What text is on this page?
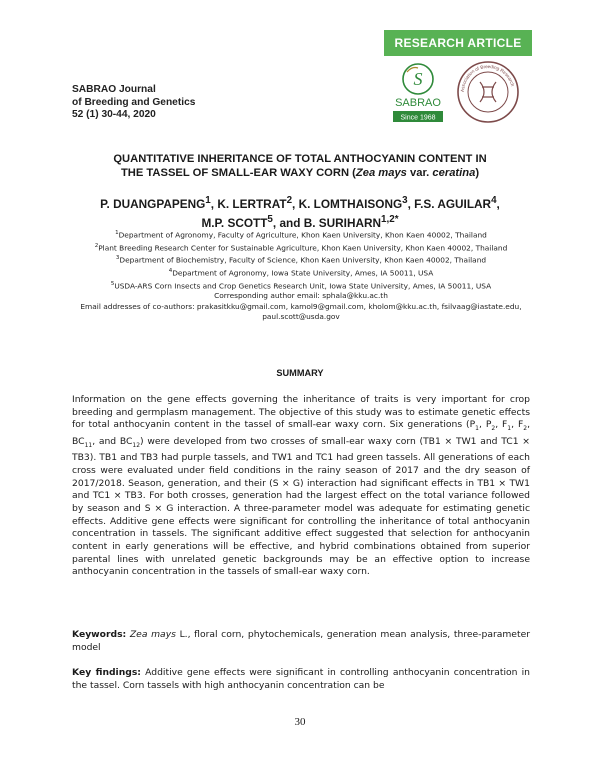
RESEARCH ARTICLE
SABRAO Journal
of Breeding and Genetics
52 (1) 30-44, 2020
S
SABRAO
Since 1968
Association of Breeding Research
QUANTITATIVE INHERITANCE OF TOTAL ANTHOCYANIN CONTENT IN
THE TASSEL OF SMALL-EAR WAXY CORN (Zea mays var. ceratina)
P. DUANGPAPENG$^1$, K. LERTRAT$^2$, K. LOMTHAISONG$^3$, F.S. AGUILAR$^4$,
M.P. SCOTT$^5$, and B. $SURIHARN^{1,2*}$
$^1$Department of Agronomy, Faculty of Agriculture, Khon Kaen University, Khon Kaen 40002, Thailand
$^2$Plant Breeding Research Center for Sustainable Agriculture, Khon Kaen University, Khon Kaen 40002, Thailand
$^3$Department of Biochemistry, Faculty of Science, Khon Kaen University, Khon Kaen 40002, Thailand
$^4$Department of Agronomy, Iowa State University, Ames, IA 50011, USA
$^5$USDA-ARS Corn Insects and Crop Genetics Research Unit, Iowa State University, Ames, IA 50011, USA
Corresponding author email: sphala@kku.ac.th
Email addresses of co-authors: prakasitkku@gmail.com, kamol9@gmail.com, kholom@kku.ac.th, fsilvaag@iastate.edu, paul.scott@usda.gov
SUMMARY
Information on the gene effects governing the inheritance of traits is very important for crop breeding and germplasm management. The objective of this study was to estimate genetic effects for total anthocyanin content in the tassel of small-ear waxy corn. Six generations ($P_1$, $P_2$, $F_1$, $F_2$, $BC_{11}$, and $BC_{12}$) were developed from two crosses of small-ear waxy corn (TB1 × TW1 and TC1 × TB3). TB1 and TB3 had purple tassels, and TW1 and TC1 had green tassels. All generations of each cross were evaluated under field conditions in the rainy season of 2017 and the dry season of 2017/2018. Season, generation, and their (S × G) interaction had significant effects in TB1 × TW1 and TC1 × TB3. For both crosses, generation had the largest effect on the total variance followed by season and S × G interaction. A three-parameter model was adequate for estimating genetic effects. Additive gene effects were significant for controlling the inheritance of total anthocyanin concentration in tassels. The significant additive effect suggested that selection for anthocyanin content in early generations will be effective, and hybrid combinations obtained from superior parental lines with unrelated genetic backgrounds may be an effective option to increase anthocyanin concentration in the tassels of small-ear waxy corn.
Keywords: Zea mays L., floral corn, phytochemicals, generation mean analysis, three-parameter model
Key findings: Additive gene effects were significant in controlling anthocyanin concentration in the tassel. Corn tassels with high anthocyanin concentration can be
30
